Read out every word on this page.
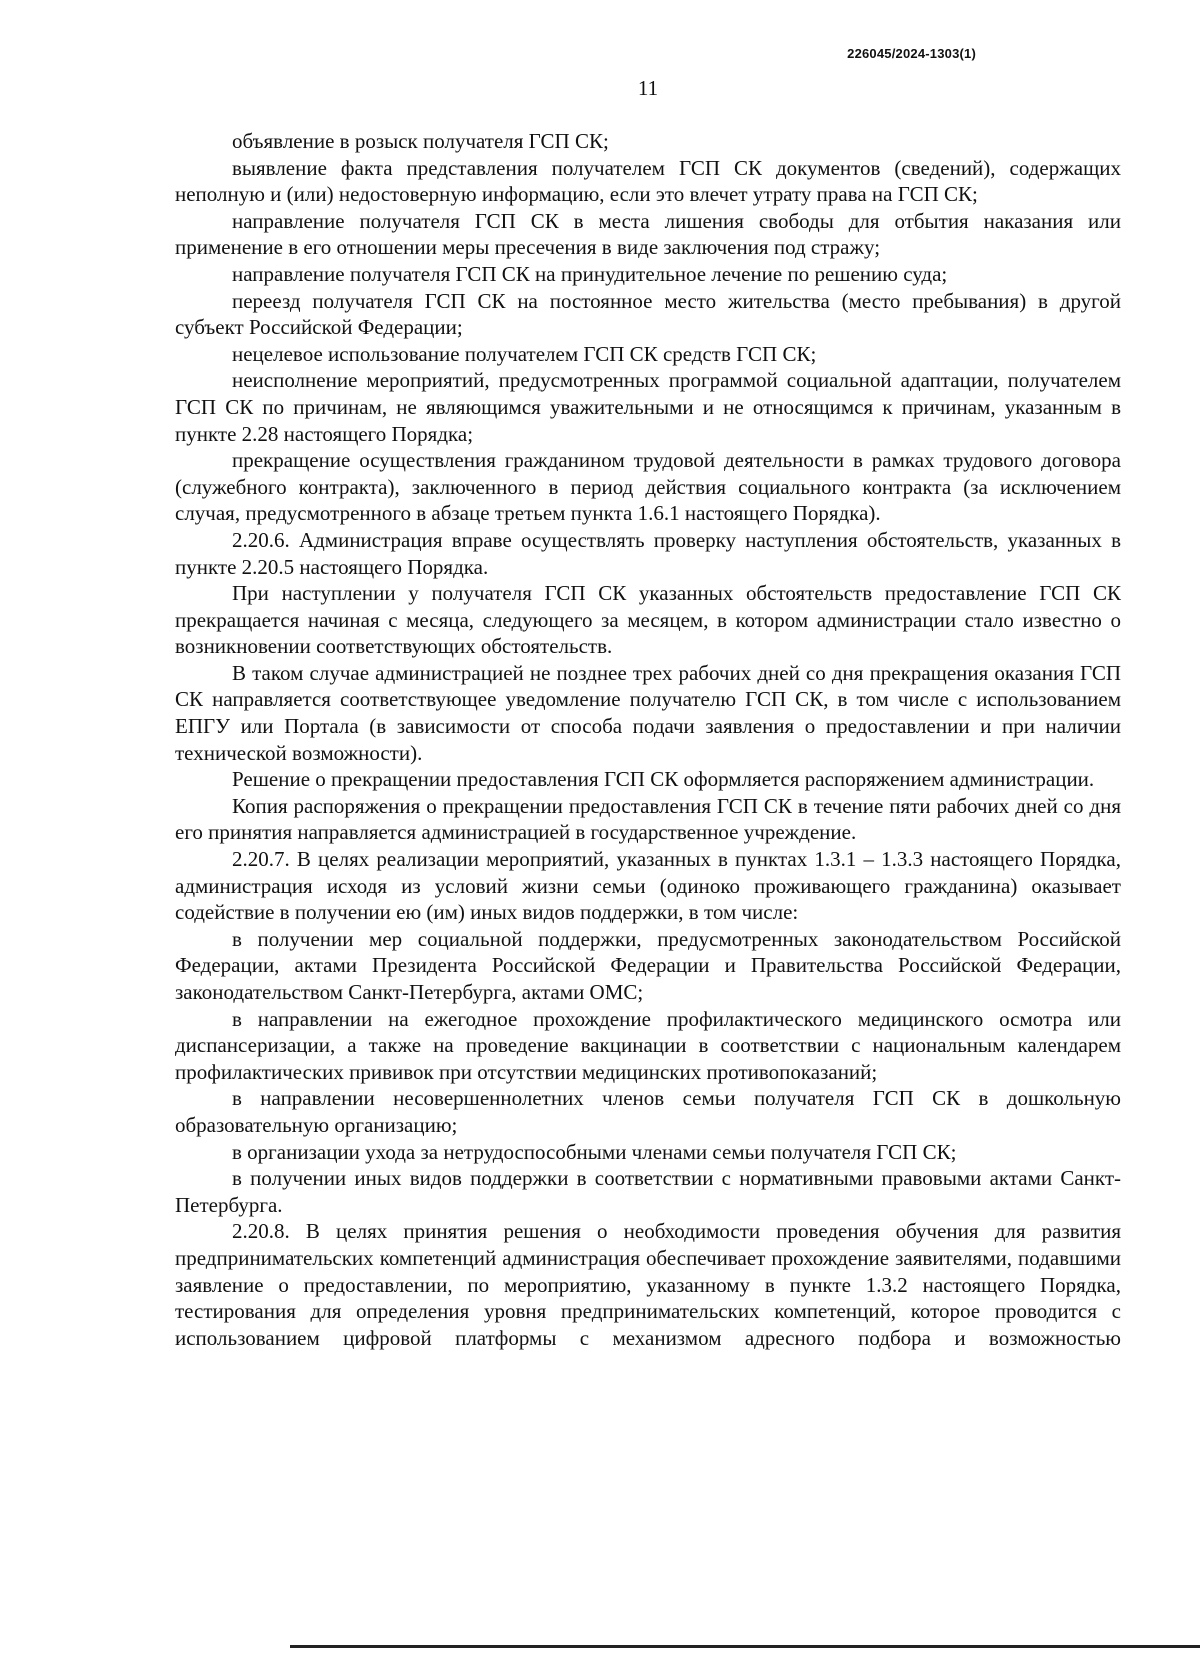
226045/2024-1303(1)
11

объявление в розыск получателя ГСП СК;

выявление факта представления получателем ГСП СК документов (сведений), содержащих неполную и (или) недостоверную информацию, если это влечет утрату права на ГСП СК;

направление получателя ГСП СК в места лишения свободы для отбытия наказания или применение в его отношении меры пресечения в виде заключения под стражу;

направление получателя ГСП СК на принудительное лечение по решению суда;

переезд получателя ГСП СК на постоянное место жительства (место пребывания) в другой субъект Российской Федерации;

нецелевое использование получателем ГСП СК средств ГСП СК;

неисполнение мероприятий, предусмотренных программой социальной адаптации, получателем ГСП СК по причинам, не являющимся уважительными и не относящимся к причинам, указанным в пункте 2.28 настоящего Порядка;

прекращение осуществления гражданином трудовой деятельности в рамках трудового договора (служебного контракта), заключенного в период действия социального контракта (за исключением случая, предусмотренного в абзаце третьем пункта 1.6.1 настоящего Порядка).

2.20.6. Администрация вправе осуществлять проверку наступления обстоятельств, указанных в пункте 2.20.5 настоящего Порядка.

При наступлении у получателя ГСП СК указанных обстоятельств предоставление ГСП СК прекращается начиная с месяца, следующего за месяцем, в котором администрации стало известно о возникновении соответствующих обстоятельств.

В таком случае администрацией не позднее трех рабочих дней со дня прекращения оказания ГСП СК направляется соответствующее уведомление получателю ГСП СК, в том числе с использованием ЕПГУ или Портала (в зависимости от способа подачи заявления о предоставлении и при наличии технической возможности).

Решение о прекращении предоставления ГСП СК оформляется распоряжением администрации.

Копия распоряжения о прекращении предоставления ГСП СК в течение пяти рабочих дней со дня его принятия направляется администрацией в государственное учреждение.

2.20.7. В целях реализации мероприятий, указанных в пунктах 1.3.1 – 1.3.3 настоящего Порядка, администрация исходя из условий жизни семьи (одиноко проживающего гражданина) оказывает содействие в получении ею (им) иных видов поддержки, в том числе:

в получении мер социальной поддержки, предусмотренных законодательством Российской Федерации, актами Президента Российской Федерации и Правительства Российской Федерации, законодательством Санкт-Петербурга, актами ОМС;

в направлении на ежегодное прохождение профилактического медицинского осмотра или диспансеризации, а также на проведение вакцинации в соответствии с национальным календарем профилактических прививок при отсутствии медицинских противопоказаний;

в направлении несовершеннолетних членов семьи получателя ГСП СК в дошкольную образовательную организацию;

в организации ухода за нетрудоспособными членами семьи получателя ГСП СК;

в получении иных видов поддержки в соответствии с нормативными правовыми актами Санкт-Петербурга.

2.20.8. В целях принятия решения о необходимости проведения обучения для развития предпринимательских компетенций администрация обеспечивает прохождение заявителями, подавшими заявление о предоставлении, по мероприятию, указанному в пункте 1.3.2 настоящего Порядка, тестирования для определения уровня предпринимательских компетенций, которое проводится с использованием цифровой платформы с механизмом адресного подбора и возможностью
